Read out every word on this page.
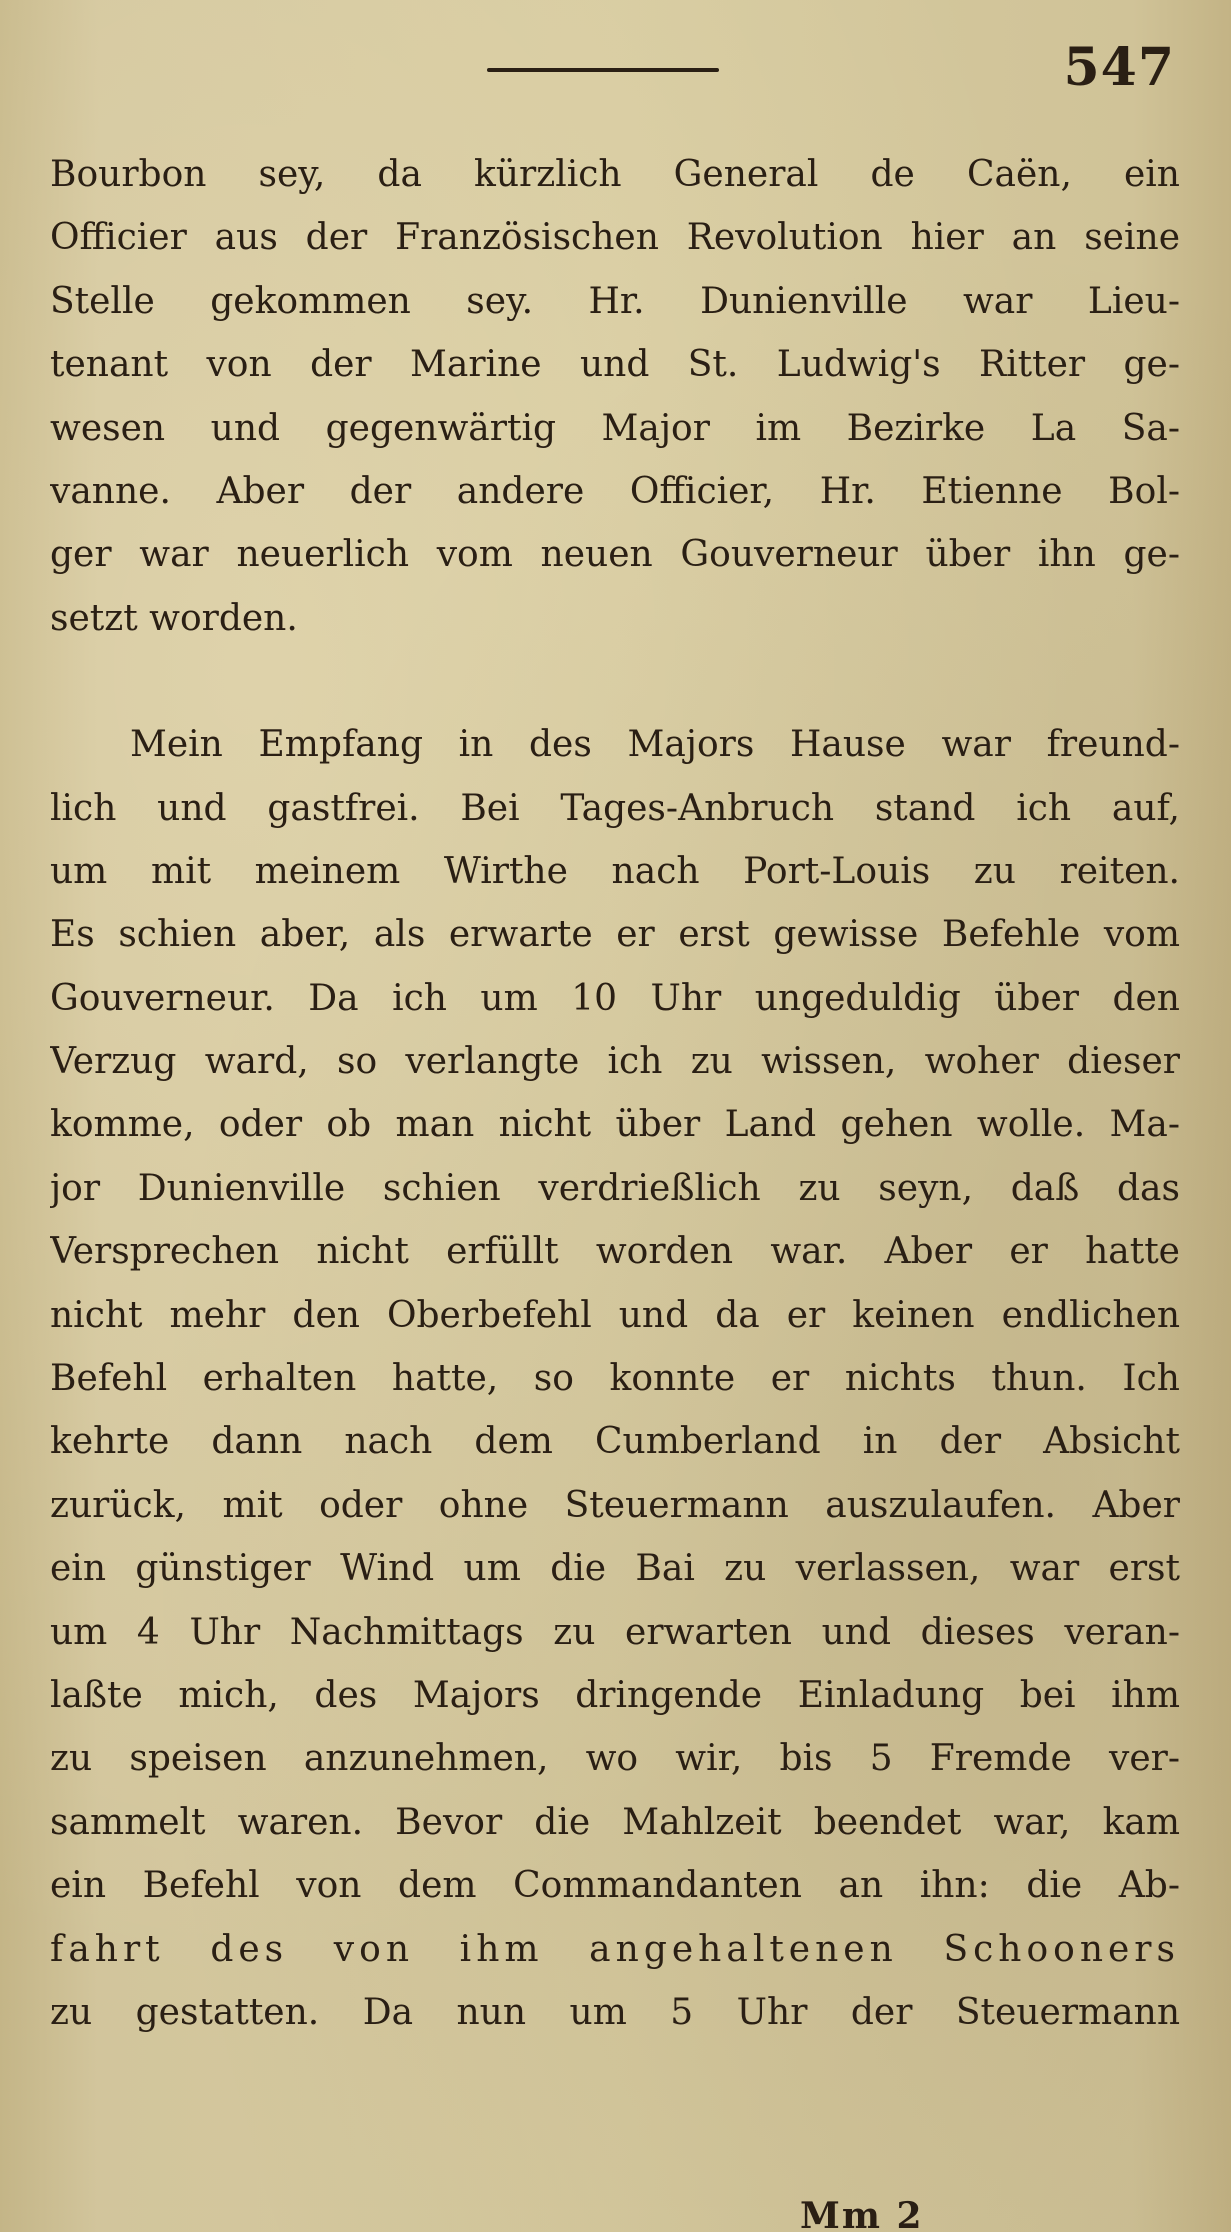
547
Bourbon sey, da kürzlich General de Caën, ein
Officier aus der Französischen Revolution hier an seine
Stelle gekommen sey. Hr. Dunienville war Lieu-
tenant von der Marine und St. Ludwig's Ritter ge-
wesen und gegenwärtig Major im Bezirke La Sa-
vanne. Aber der andere Officier, Hr. Etienne Bol-
ger war neuerlich vom neuen Gouverneur über ihn ge-
setzt worden.
Mein Empfang in des Majors Hause war freund-
lich und gastfrei. Bei Tages-Anbruch stand ich auf,
um mit meinem Wirthe nach Port-Louis zu reiten.
Es schien aber, als erwarte er erst gewisse Befehle vom
Gouverneur. Da ich um 10 Uhr ungeduldig über den
Verzug ward, so verlangte ich zu wissen, woher dieser
komme, oder ob man nicht über Land gehen wolle. Ma-
jor Dunienville schien verdrießlich zu seyn, daß das
Versprechen nicht erfüllt worden war. Aber er hatte
nicht mehr den Oberbefehl und da er keinen endlichen
Befehl erhalten hatte, so konnte er nichts thun. Ich
kehrte dann nach dem Cumberland in der Absicht
zurück, mit oder ohne Steuermann auszulaufen. Aber
ein günstiger Wind um die Bai zu verlassen, war erst
um 4 Uhr Nachmittags zu erwarten und dieses veran-
laßte mich, des Majors dringende Einladung bei ihm
zu speisen anzunehmen, wo wir, bis 5 Fremde ver-
sammelt waren. Bevor die Mahlzeit beendet war, kam
ein Befehl von dem Commandanten an ihn: die Ab-
fahrt des von ihm angehaltenen Schooners
zu gestatten. Da nun um 5 Uhr der Steuermann
Mm 2
